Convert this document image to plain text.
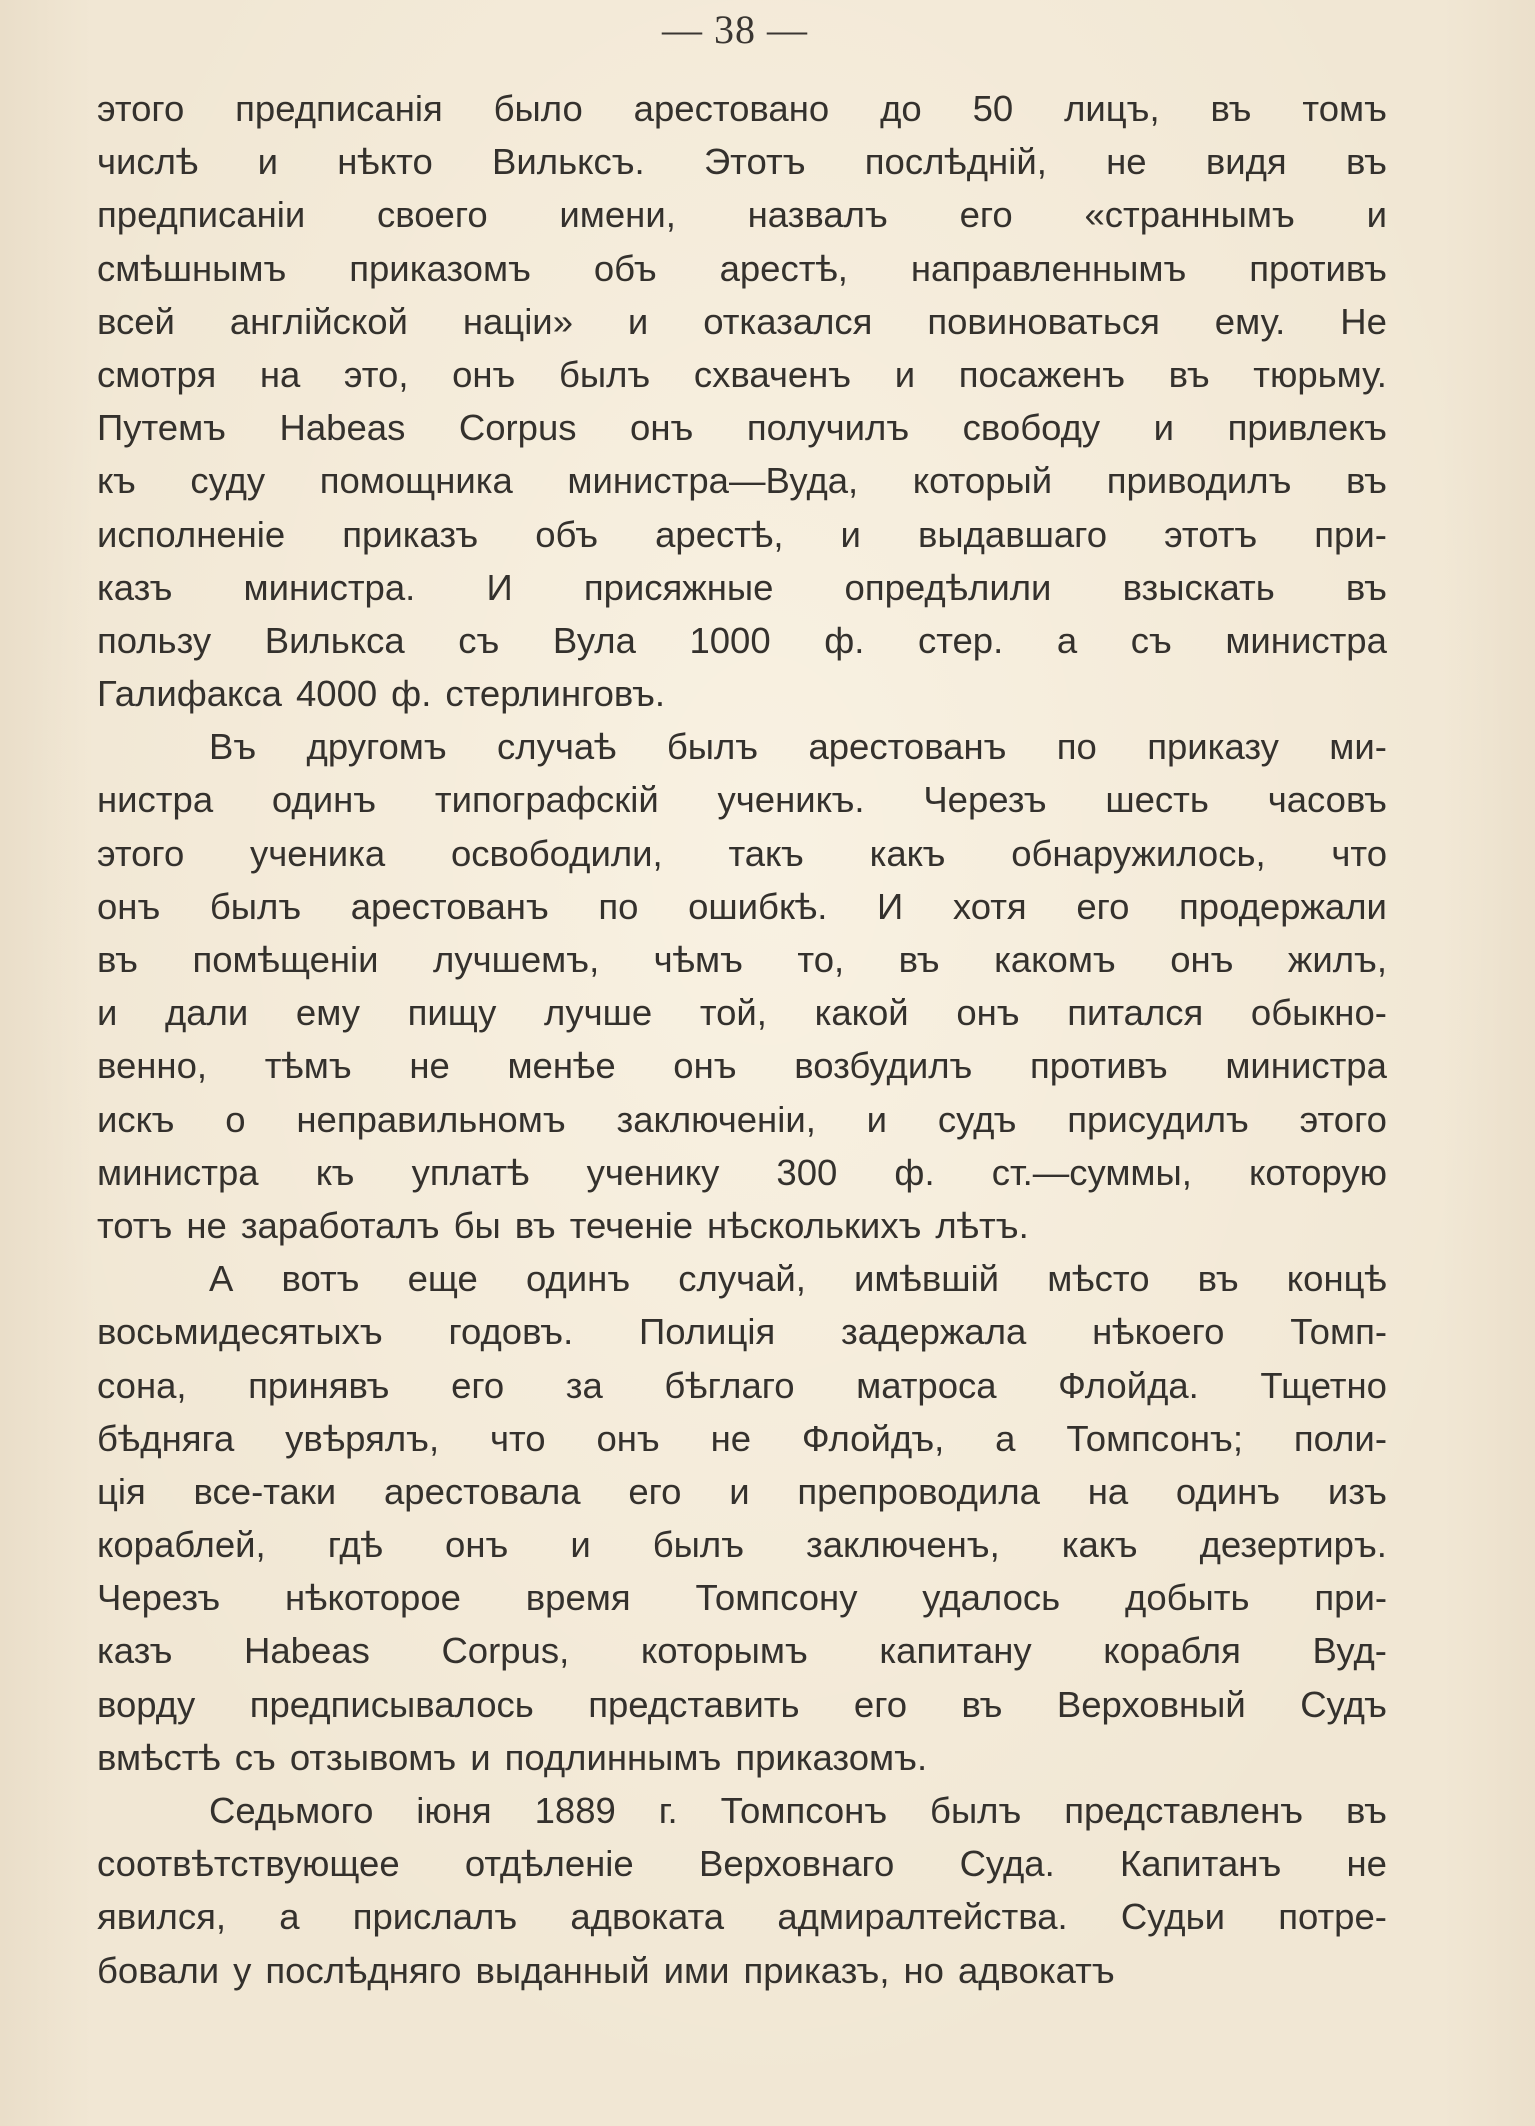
— 38 —
этого предписанія было арестовано до 50 лицъ, въ томъ
числѣ и нѣкто Вильксъ. Этотъ послѣдній, не видя въ
предписаніи своего имени, назвалъ его «страннымъ и
смѣшнымъ приказомъ объ арестѣ, направленнымъ противъ
всей англійской націи» и отказался повиноваться ему. Не
смотря на это, онъ былъ схваченъ и посаженъ въ тюрьму.
Путемъ Habeas Corpus онъ получилъ свободу и привлекъ
къ суду помощника министра—Вуда, который приводилъ въ
исполненіе приказъ объ арестѣ, и выдавшаго этотъ при-
казъ министра. И присяжные опредѣлили взыскать въ
пользу Вилькса съ Вула 1000 ф. стер. а съ министра
Галифакса 4000 ф. стерлинговъ.
Въ другомъ случаѣ былъ арестованъ по приказу ми-
нистра одинъ типографскій ученикъ. Черезъ шесть часовъ
этого ученика освободили, такъ какъ обнаружилось, что
онъ былъ арестованъ по ошибкѣ. И хотя его продержали
въ помѣщеніи лучшемъ, чѣмъ то, въ какомъ онъ жилъ,
и дали ему пищу лучше той, какой онъ питался обыкно-
венно, тѣмъ не менѣе онъ возбудилъ противъ министра
искъ о неправильномъ заключеніи, и судъ присудилъ этого
министра къ уплатѣ ученику 300 ф. ст.—суммы, которую
тотъ не заработалъ бы въ теченіе нѣсколькихъ лѣтъ.
А вотъ еще одинъ случай, имѣвшій мѣсто въ концѣ
восьмидесятыхъ годовъ. Полиція задержала нѣкоего Томп-
сона, принявъ его за бѣглаго матроса Флойда. Тщетно
бѣдняга увѣрялъ, что онъ не Флойдъ, а Томпсонъ; поли-
ція все-таки арестовала его и препроводила на одинъ изъ
кораблей, гдѣ онъ и былъ заключенъ, какъ дезертиръ.
Черезъ нѣкоторое время Томпсону удалось добыть при-
казъ Habeas Corpus, которымъ капитану корабля Вуд-
ворду предписывалось представить его въ Верховный Судъ
вмѣстѣ съ отзывомъ и подлиннымъ приказомъ.
Седьмого іюня 1889 г. Томпсонъ былъ представленъ въ
соотвѣтствующее отдѣленіе Верховнаго Суда. Капитанъ не
явился, а прислалъ адвоката адмиралтейства. Судьи потре-
бовали у послѣдняго выданный ими приказъ, но адвокатъ
